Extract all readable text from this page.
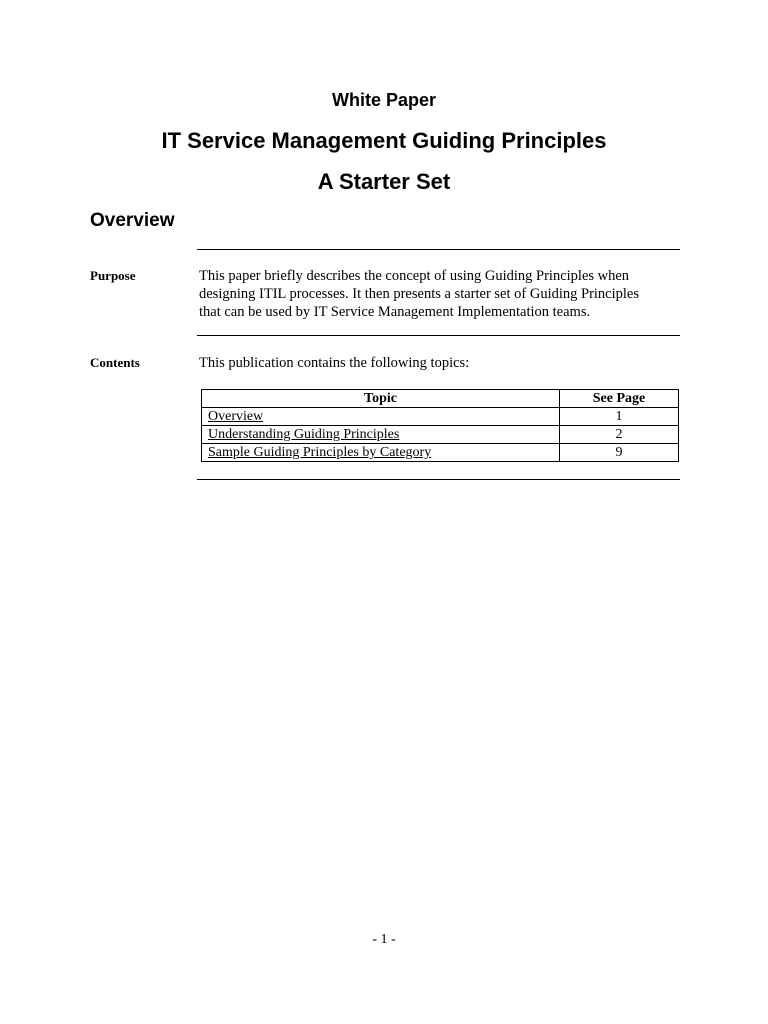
White Paper
IT Service Management Guiding Principles
A Starter Set
Overview
Purpose	This paper briefly describes the concept of using Guiding Principles when
designing ITIL processes. It then presents a starter set of Guiding Principles
that can be used by IT Service Management Implementation teams.
Contents	This publication contains the following topics:
Topic	See Page
Overview	1
Understanding Guiding Principles	2
Sample Guiding Principles by Category	9
- 1 -
